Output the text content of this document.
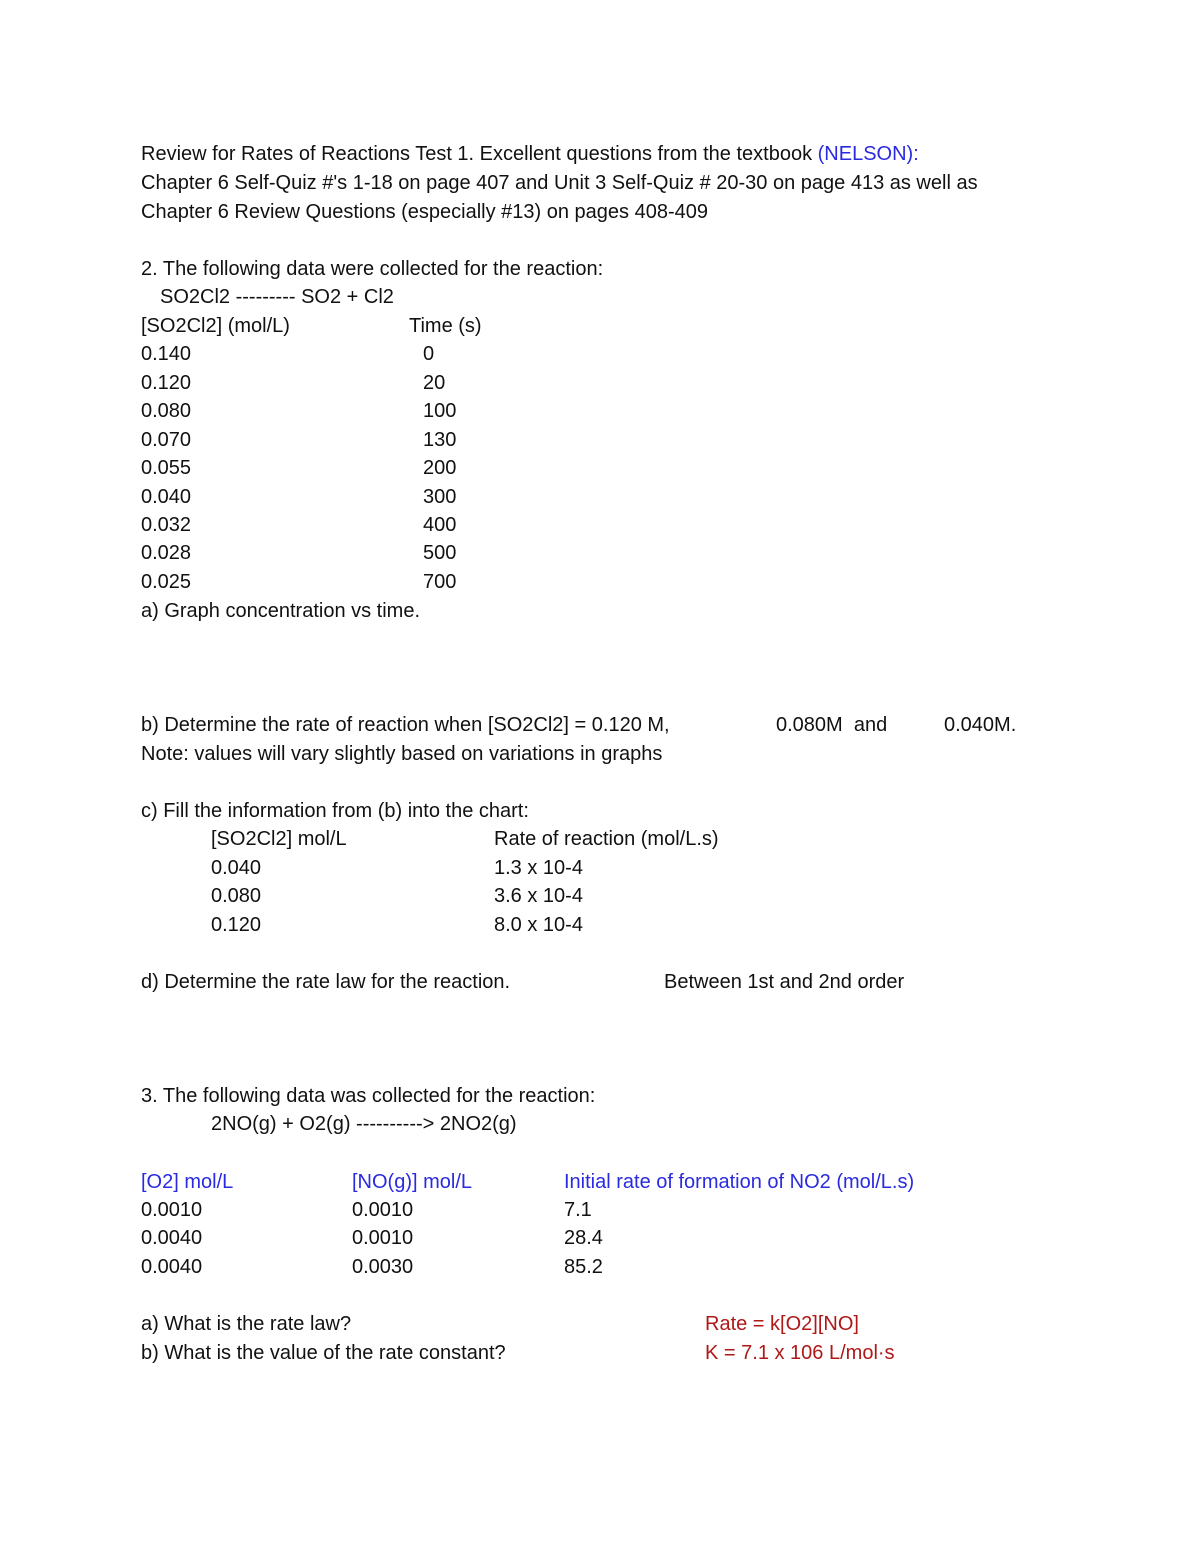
Review for Rates of Reactions Test 1. Excellent questions from the textbook (NELSON):
Chapter 6 Self-Quiz #'s 1-18 on page 407 and Unit 3 Self-Quiz # 20-30 on page 413 as well as
Chapter 6 Review Questions (especially #13) on pages 408-409
2. The following data were collected for the reaction:
SO2Cl2 --------- SO2 + Cl2
[SO2Cl2] (mol/L)	Time (s)
0.140	0
0.120	20
0.080	100
0.070	130
0.055	200
0.040	300
0.032	400
0.028	500
0.025	700
a) Graph concentration vs time.
b) Determine the rate of reaction when [SO2Cl2] = 0.120 M,	0.080M  and	0.040M.
Note: values will vary slightly based on variations in graphs
c) Fill the information from (b) into the chart:
[SO2Cl2] mol/L	Rate of reaction (mol/L.s)
0.040	1.3 x 10-4
0.080	3.6 x 10-4
0.120	8.0 x 10-4
d) Determine the rate law for the reaction.	Between 1st and 2nd order
3. The following data was collected for the reaction:
2NO(g) + O2(g) ----------> 2NO2(g)
[O2] mol/L	[NO(g)] mol/L	Initial rate of formation of NO2 (mol/L.s)
0.0010	0.0010	7.1
0.0040	0.0010	28.4
0.0040	0.0030	85.2
a) What is the rate law?	Rate = k[O2][NO]
b) What is the value of the rate constant?	K = 7.1 x 106 L/mol·s
